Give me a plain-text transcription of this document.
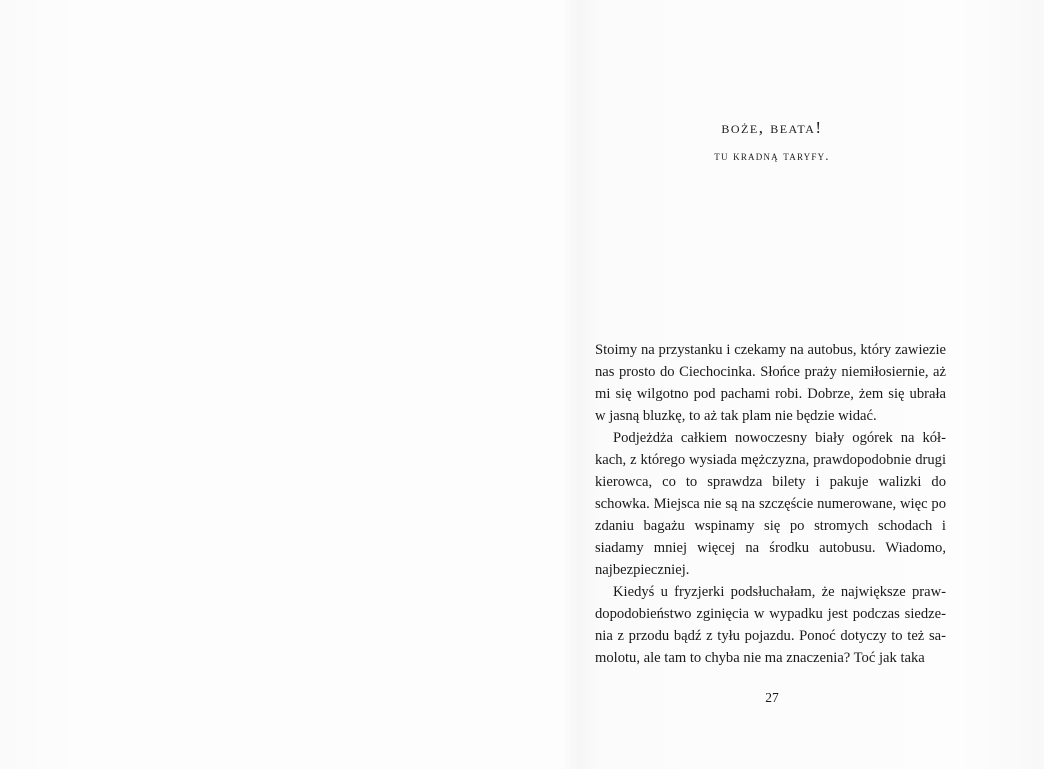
boże, beata!
tu kradną taryfy.

Stoimy na przystanku i czekamy na autobus, który zawiezie nas prosto do Ciechocinka. Słońce praży niemiłosiernie, aż mi się wilgotno pod pachami robi. Dobrze, żem się ubrała w jasną bluzkę, to aż tak plam nie będzie widać.

Podjeżdża całkiem nowoczesny biały ogórek na kółkach, z którego wysiada mężczyzna, prawdopodobnie drugi kierowca, co to sprawdza bilety i pakuje walizki do schowka. Miejsca nie są na szczęście numerowane, więc po zdaniu bagażu wspinamy się po stromych schodach i siadamy mniej więcej na środku autobusu. Wiadomo, najbezpieczniej.

Kiedyś u fryzjerki podsłuchałam, że największe prawdopodobieństwo zginięcia w wypadku jest podczas siedzenia z przodu bądź z tyłu pojazdu. Ponoć dotyczy to też samolotu, ale tam to chyba nie ma znaczenia? Toć jak taka

27
